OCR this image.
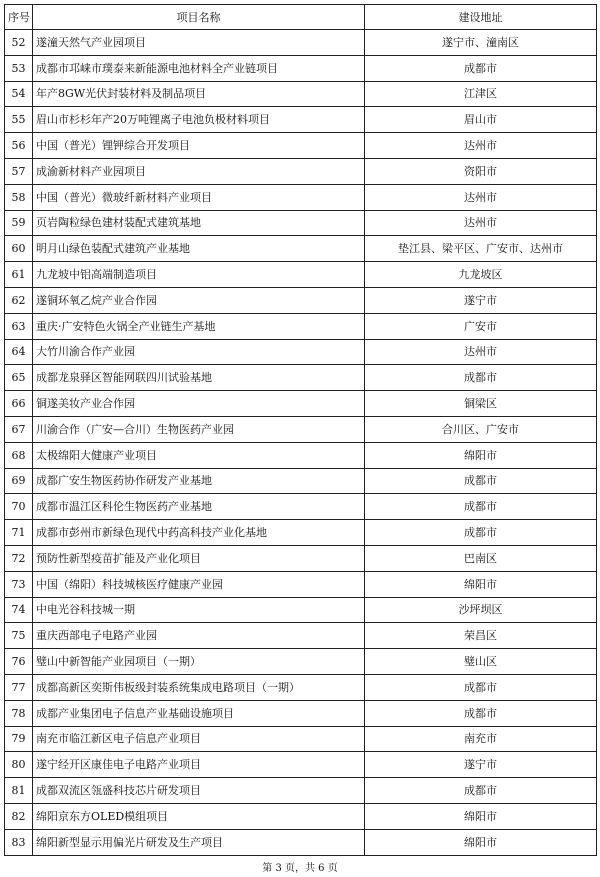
序号	项目名称	建设地址
52	遂潼天然气产业园项目	遂宁市、潼南区
53	成都市邛崃市璞泰来新能源电池材料全产业链项目	成都市
54	年产8GW光伏封装材料及制品项目	江津区
55	眉山市杉杉年产20万吨锂离子电池负极材料项目	眉山市
56	中国（普光）锂钾综合开发项目	达州市
57	成渝新材料产业园项目	资阳市
58	中国（普光）微玻纤新材料产业项目	达州市
59	页岩陶粒绿色建材装配式建筑基地	达州市
60	明月山绿色装配式建筑产业基地	垫江县、梁平区、广安市、达州市
61	九龙坡中铝高端制造项目	九龙坡区
62	遂铜环氧乙烷产业合作园	遂宁市
63	重庆·广安特色火锅全产业链生产基地	广安市
64	大竹川渝合作产业园	达州市
65	成都龙泉驿区智能网联四川试验基地	成都市
66	铜遂美妆产业合作园	铜梁区
67	川渝合作（广安—合川）生物医药产业园	合川区、广安市
68	太极绵阳大健康产业项目	绵阳市
69	成都广安生物医药协作研发产业基地	成都市
70	成都市温江区科伦生物医药产业基地	成都市
71	成都市彭州市新绿色现代中药高科技产业化基地	成都市
72	预防性新型疫苗扩能及产业化项目	巴南区
73	中国（绵阳）科技城核医疗健康产业园	绵阳市
74	中电光谷科技城一期	沙坪坝区
75	重庆西部电子电路产业园	荣昌区
76	璧山中新智能产业园项目（一期）	璧山区
77	成都高新区奕斯伟板级封装系统集成电路项目（一期）	成都市
78	成都产业集团电子信息产业基础设施项目	成都市
79	南充市临江新区电子信息产业项目	南充市
80	遂宁经开区康佳电子电路产业项目	遂宁市
81	成都双流区瓴盛科技芯片研发项目	成都市
82	绵阳京东方OLED模组项目	绵阳市
83	绵阳新型显示用偏光片研发及生产项目	绵阳市
第 3 页，共 6 页
